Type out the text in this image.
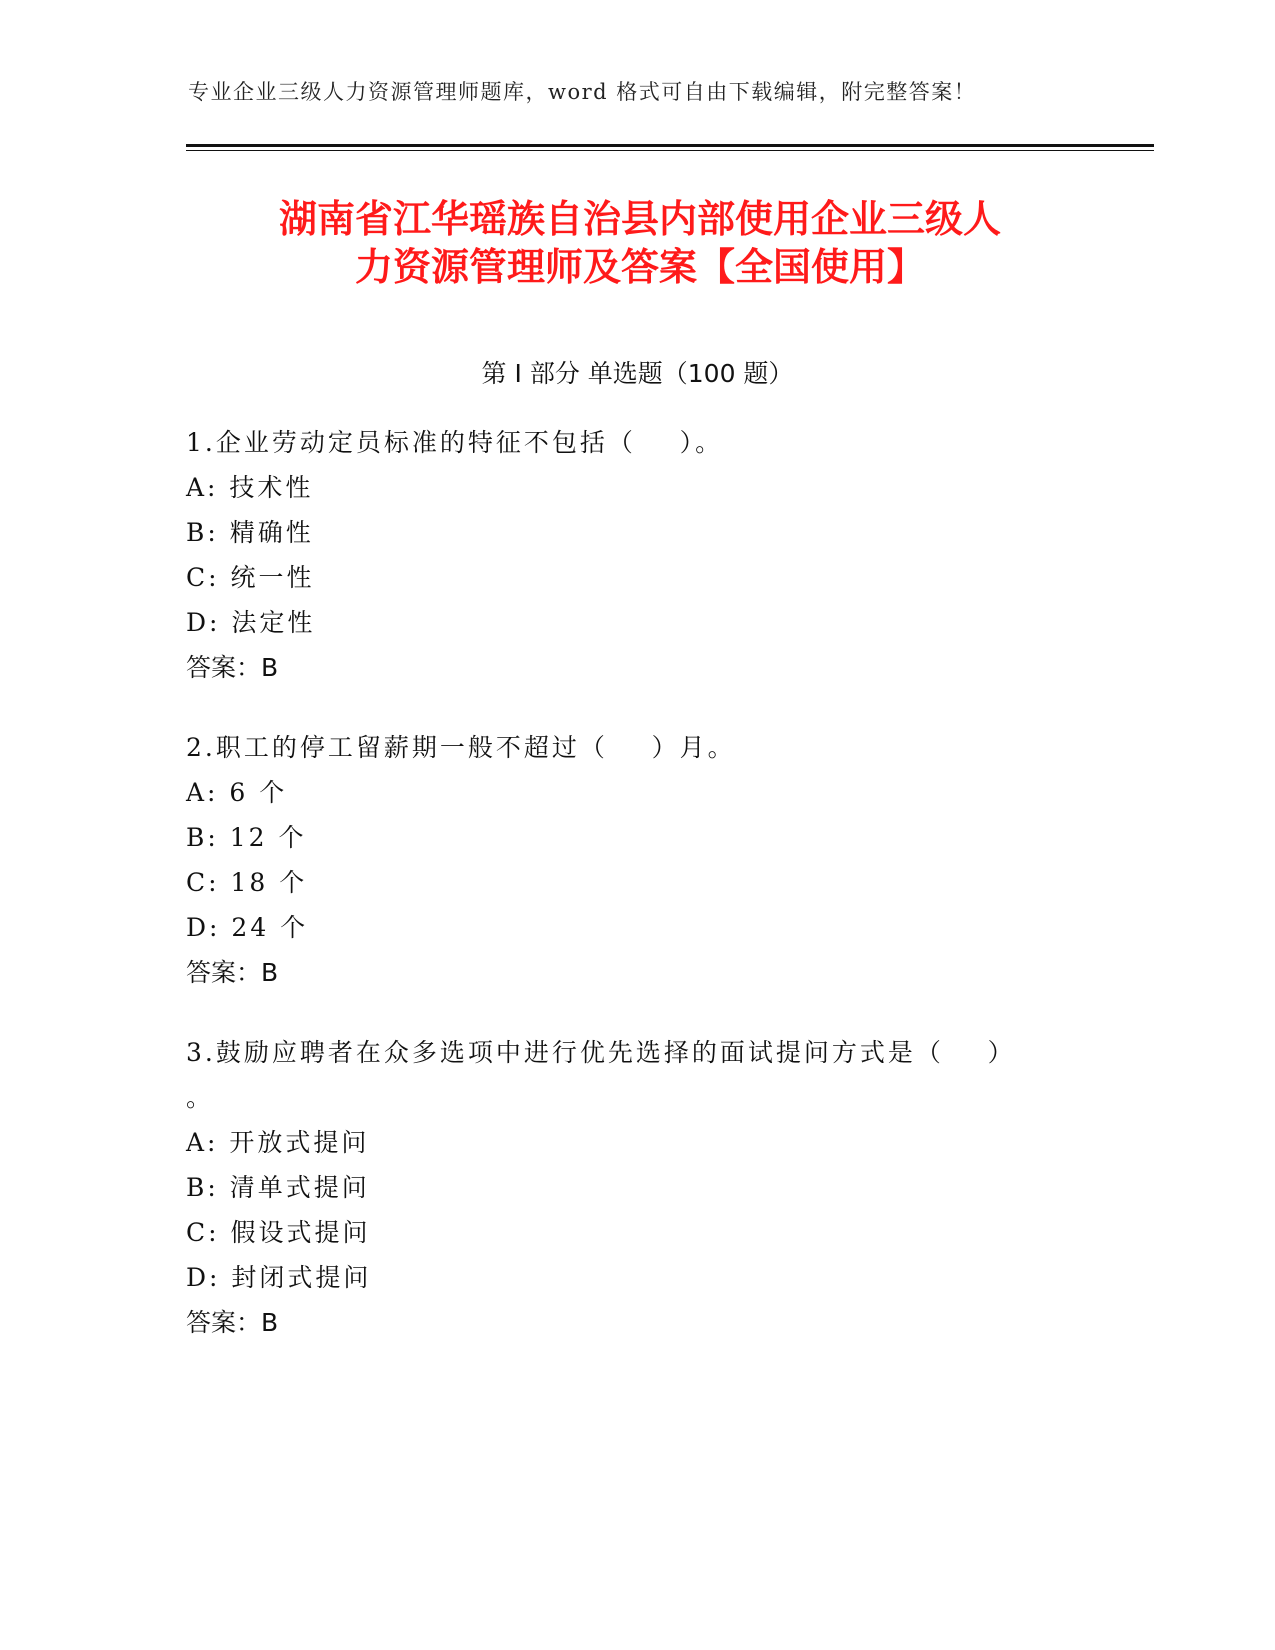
专业企业三级人力资源管理师题库，word 格式可自由下载编辑，附完整答案！
湖南省江华瑶族自治县内部使用企业三级人
力资源管理师及答案【全国使用】
第 I 部分 单选题（100 题）

1.企业劳动定员标准的特征不包括（    ）。

A: 技术性

B: 精确性

C: 统一性

D: 法定性

答案：B

2.职工的停工留薪期一般不超过（    ）月。

A: 6 个

B: 12 个

C: 18 个

D: 24 个

答案：B

3.鼓励应聘者在众多选项中进行优先选择的面试提问方式是（    ）

。

A: 开放式提问

B: 清单式提问

C: 假设式提问

D: 封闭式提问

答案：B
